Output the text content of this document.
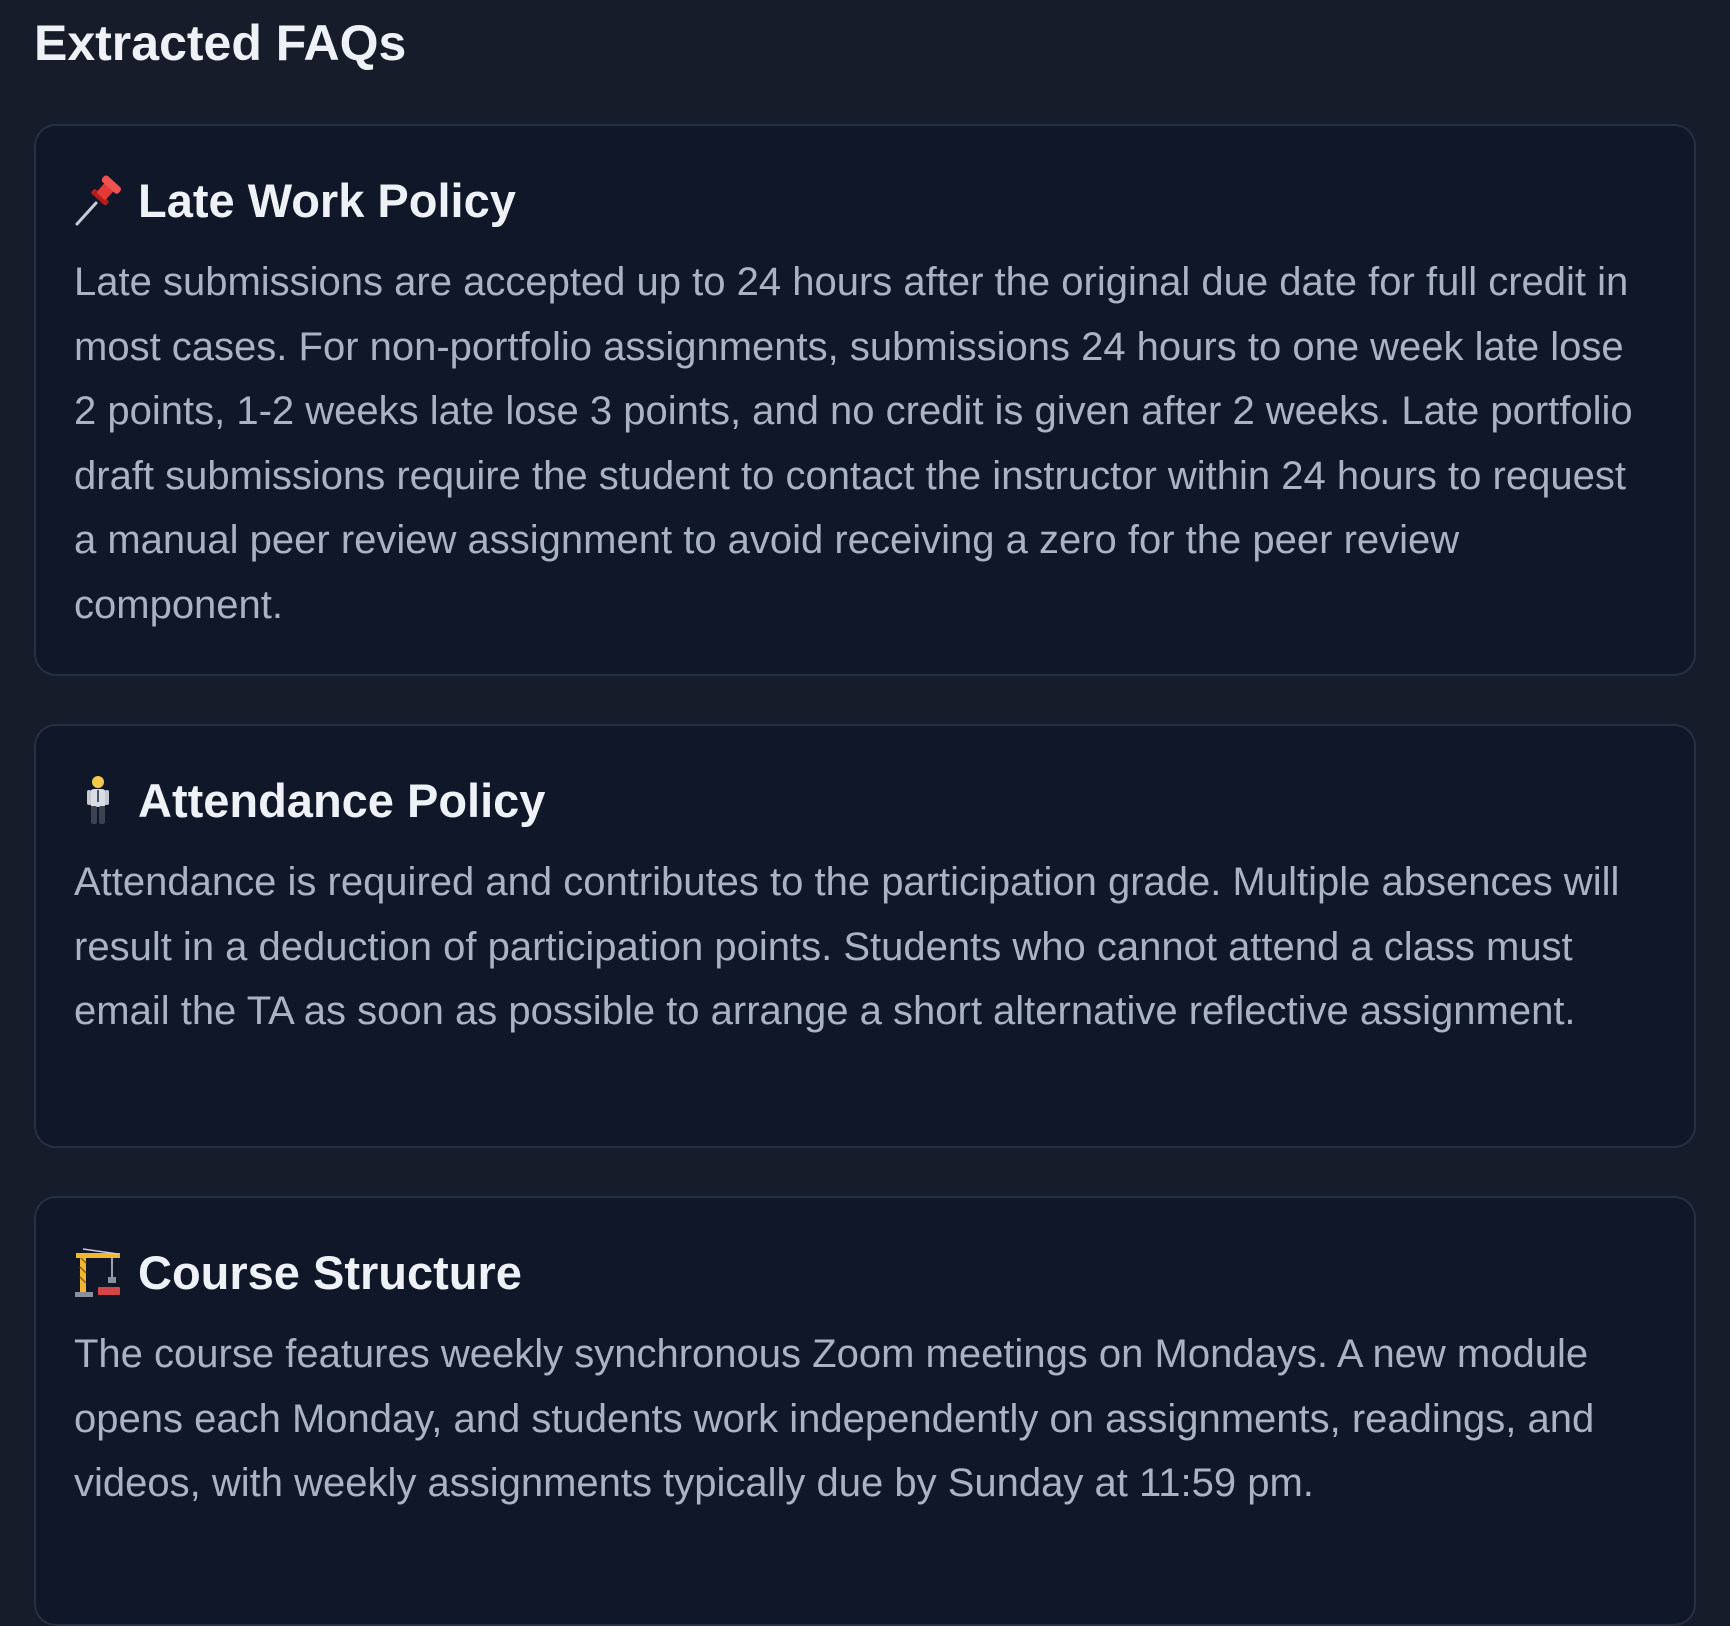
Extracted FAQs
Late Work Policy

Late submissions are accepted up to 24 hours after the original due date for full credit in most cases. For non-portfolio assignments, submissions 24 hours to one week late lose 2 points, 1-2 weeks late lose 3 points, and no credit is given after 2 weeks. Late portfolio draft submissions require the student to contact the instructor within 24 hours to request a manual peer review assignment to avoid receiving a zero for the peer review component.

Attendance Policy

Attendance is required and contributes to the participation grade. Multiple absences will result in a deduction of participation points. Students who cannot attend a class must email the TA as soon as possible to arrange a short alternative reflective assignment.

Course Structure

The course features weekly synchronous Zoom meetings on Mondays. A new module opens each Monday, and students work independently on assignments, readings, and videos, with weekly assignments typically due by Sunday at 11:59 pm.
